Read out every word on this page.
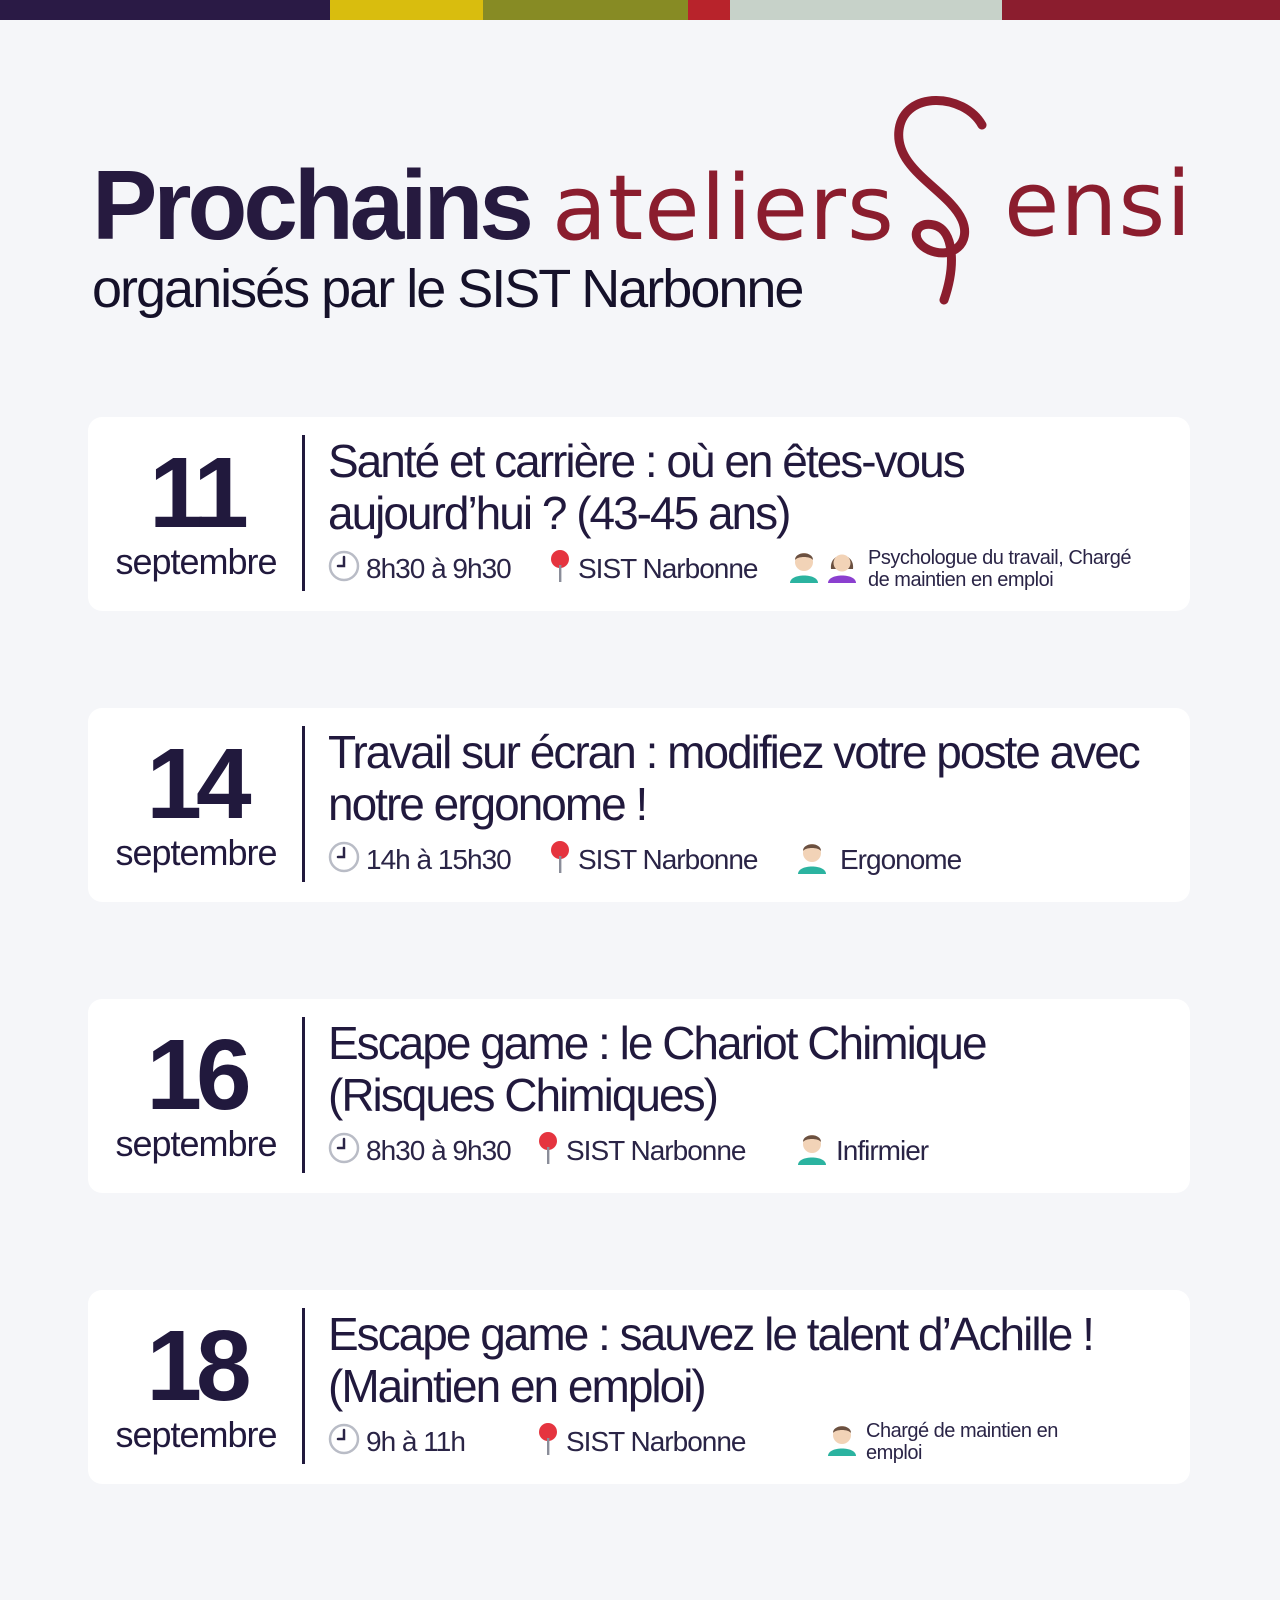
Prochains ateliers ensi
organisés par le SIST Narbonne
11
septembre
Santé et carrière : où en êtes-vous aujourd’hui ? (43-45 ans)
8h30 à 9h30 SIST Narbonne	Psychologue du travail, Chargé de maintien en emploi
14
septembre
Travail sur écran : modifiez votre poste avec notre ergonome !
14h à 15h30 SIST Narbonne	Ergonome
16
septembre
Escape game : le Chariot Chimique (Risques Chimiques)
8h30 à 9h30 SIST Narbonne	Infirmier
18
septembre
Escape game : sauvez le talent d’Achille ! (Maintien en emploi)
9h à 11h	SIST Narbonne	Chargé de maintien en emploi
